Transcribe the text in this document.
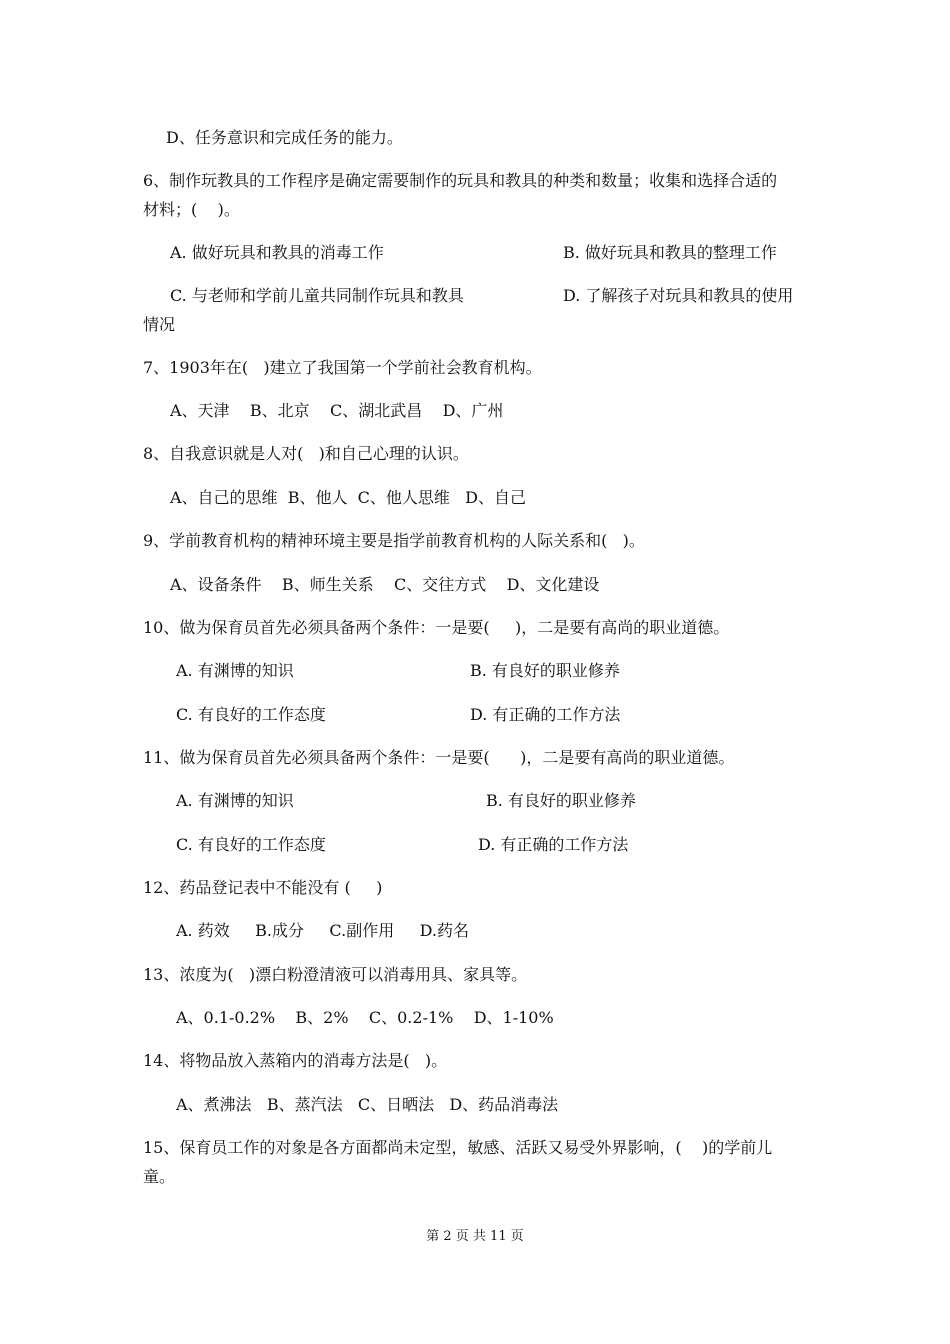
D、任务意识和完成任务的能力。
6、制作玩教具的工作程序是确定需要制作的玩具和教具的种类和数量；收集和选择合适的
材料；(    )。
A. 做好玩具和教具的消毒工作	B. 做好玩具和教具的整理工作
C. 与老师和学前儿童共同制作玩具和教具	D. 了解孩子对玩具和教具的使用
情况
7、1903年在(   )建立了我国第一个学前社会教育机构。
A、天津    B、北京    C、湖北武昌    D、广州
8、自我意识就是人对(   )和自己心理的认识。
A、自己的思维  B、他人  C、他人思维   D、自己
9、学前教育机构的精神环境主要是指学前教育机构的人际关系和(   )。
A、设备条件    B、师生关系    C、交往方式    D、文化建设
10、做为保育员首先必须具备两个条件：一是要(     )，二是要有高尚的职业道德。
A. 有渊博的知识	B. 有良好的职业修养
C. 有良好的工作态度	D. 有正确的工作方法
11、做为保育员首先必须具备两个条件：一是要(      )，二是要有高尚的职业道德。
A. 有渊博的知识	B. 有良好的职业修养
C. 有良好的工作态度	D. 有正确的工作方法
12、药品登记表中不能没有 (     )
A. 药效     B.成分     C.副作用     D.药名
13、浓度为(   )漂白粉澄清液可以消毒用具、家具等。
A、0.1-0.2%    B、2%    C、0.2-1%    D、1-10%
14、将物品放入蒸箱内的消毒方法是(   )。
A、煮沸法   B、蒸汽法   C、日晒法   D、药品消毒法
15、保育员工作的对象是各方面都尚未定型，敏感、活跃又易受外界影响，(    )的学前儿
童。
第 2 页 共 11 页
